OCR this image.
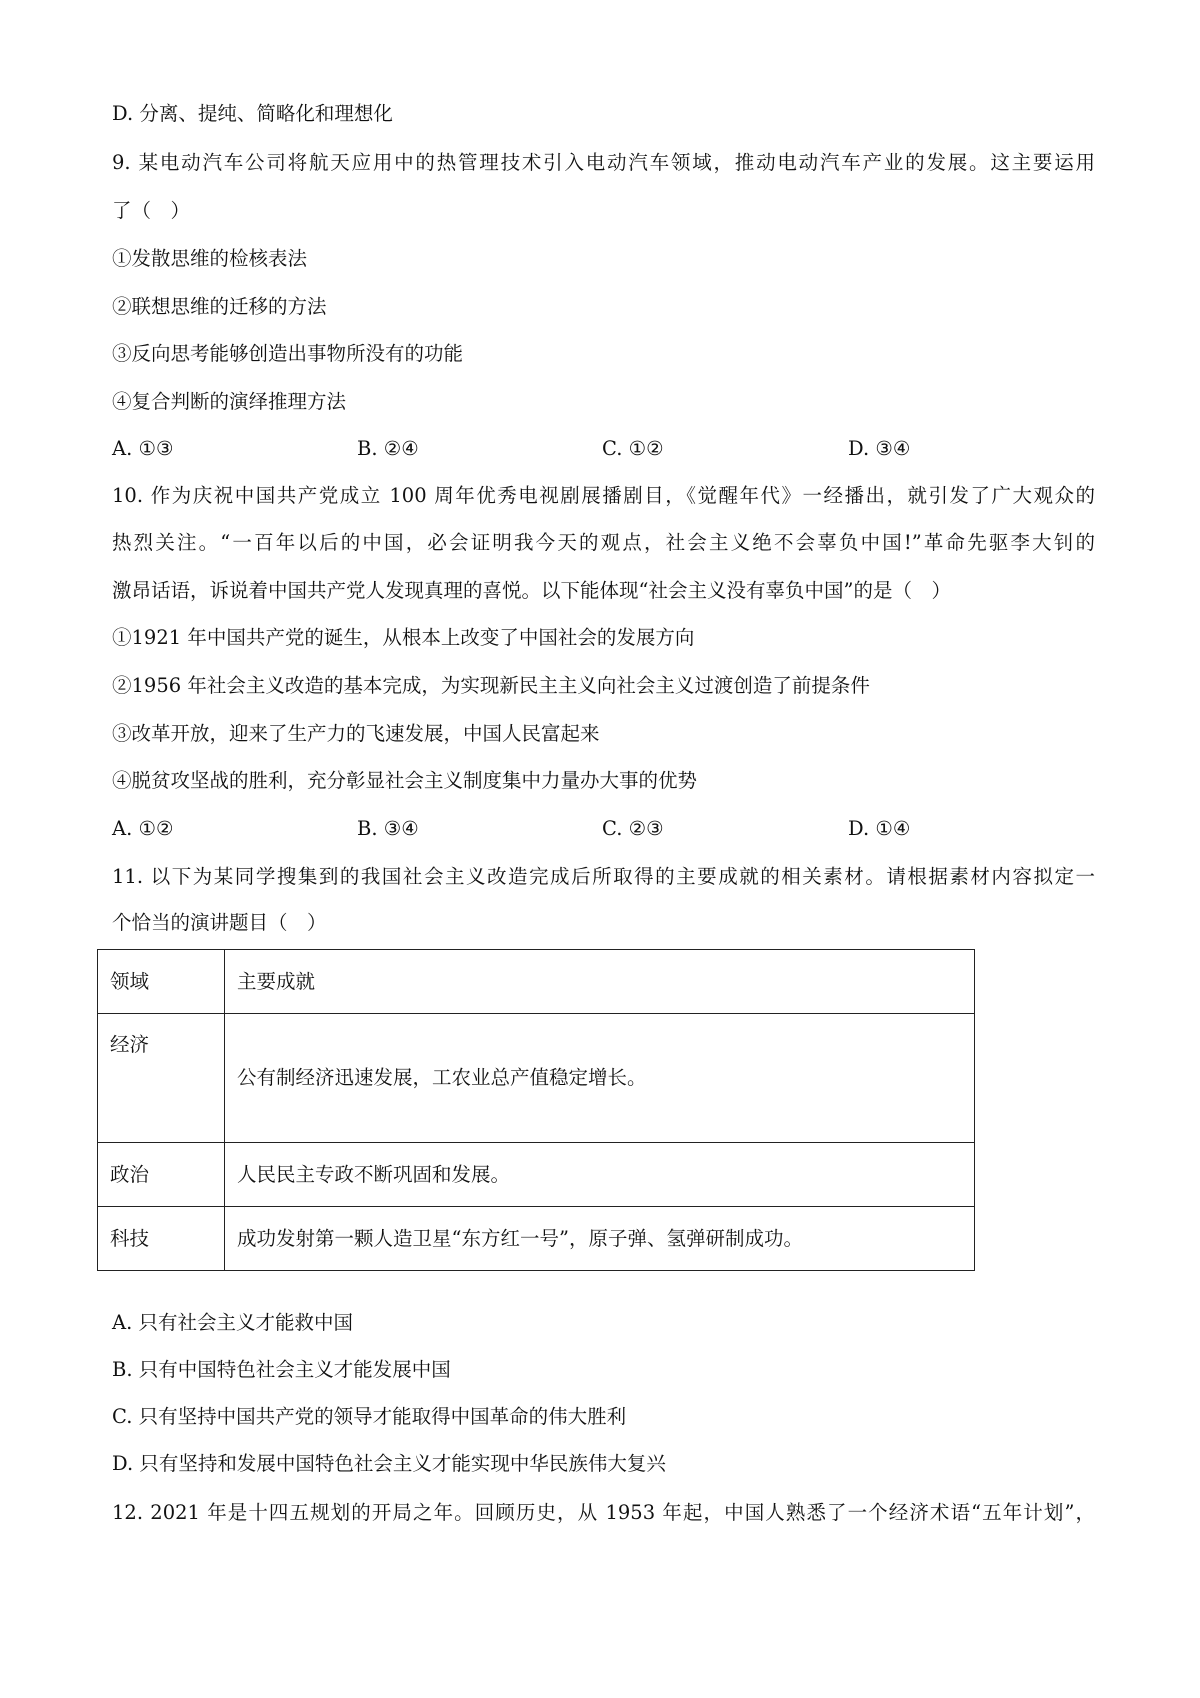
D. 分离、提纯、简略化和理想化
9. 某电动汽车公司将航天应用中的热管理技术引入电动汽车领域，推动电动汽车产业的发展。这主要运用
了（　）
①发散思维的检核表法
②联想思维的迁移的方法
③反向思考能够创造出事物所没有的功能
④复合判断的演绎推理方法
A. ①③	B. ②④	C. ①②	D. ③④
10. 作为庆祝中国共产党成立 100 周年优秀电视剧展播剧目，《觉醒年代》一经播出，就引发了广大观众的
热烈关注。“一百年以后的中国，必会证明我今天的观点，社会主义绝不会辜负中国!”革命先驱李大钊的
激昂话语，诉说着中国共产党人发现真理的喜悦。以下能体现“社会主义没有辜负中国”的是（　）
①1921 年中国共产党的诞生，从根本上改变了中国社会的发展方向
②1956 年社会主义改造的基本完成，为实现新民主主义向社会主义过渡创造了前提条件
③改革开放，迎来了生产力的飞速发展，中国人民富起来
④脱贫攻坚战的胜利，充分彰显社会主义制度集中力量办大事的优势
A. ①②	B. ③④	C. ②③	D. ①④
11. 以下为某同学搜集到的我国社会主义改造完成后所取得的主要成就的相关素材。请根据素材内容拟定一
个恰当的演讲题目（　）
领域	主要成就
经济	公有制经济迅速发展，工农业总产值稳定增长。
政治	人民民主专政不断巩固和发展。
科技	成功发射第一颗人造卫星“东方红一号”，原子弹、氢弹研制成功。
A. 只有社会主义才能救中国
B. 只有中国特色社会主义才能发展中国
C. 只有坚持中国共产党的领导才能取得中国革命的伟大胜利
D. 只有坚持和发展中国特色社会主义才能实现中华民族伟大复兴
12. 2021 年是十四五规划的开局之年。回顾历史，从 1953 年起，中国人熟悉了一个经济术语“五年计划”，
